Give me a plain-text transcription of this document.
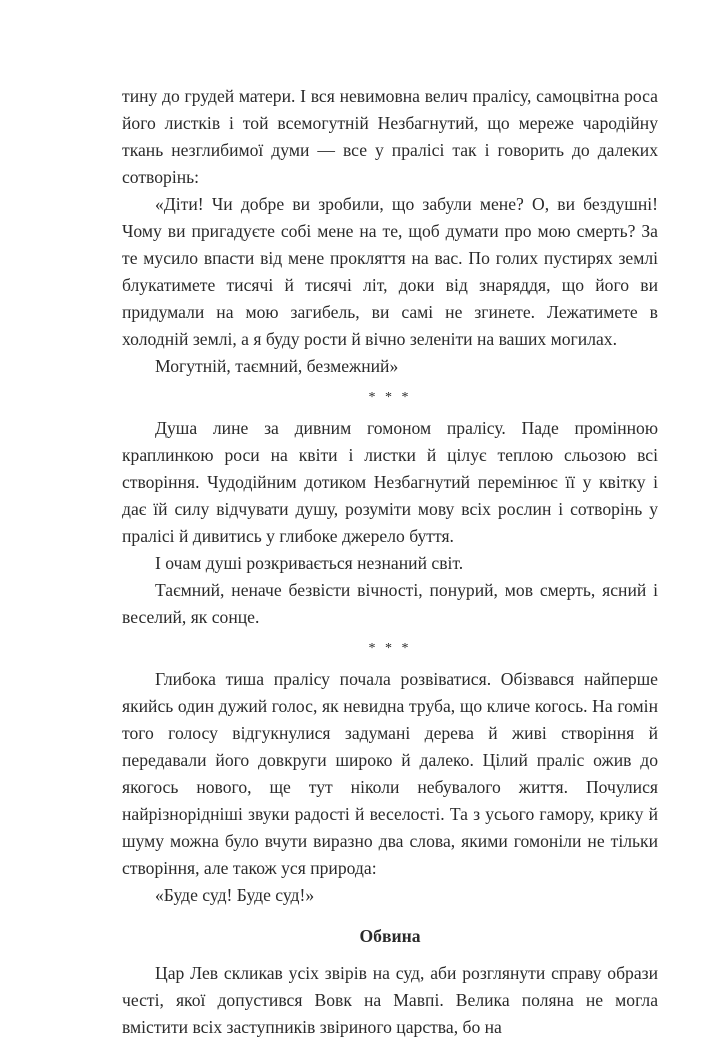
тину до грудей матери. І вся невимовна велич пралісу, самоцвітна роса його листків і той всемогутній Незбагнутий, що мереже чародійну ткань незглибимої думи — все у пралісі так і говорить до далеких сотворінь:

«Діти! Чи добре ви зробили, що забули мене? О, ви бездушні! Чому ви пригадуєте собі мене на те, щоб думати про мою смерть? За те мусило впасти від мене прокляття на вас. По голих пустирях землі блукатимете тисячі й тисячі літ, доки від знаряддя, що його ви придумали на мою загибель, ви самі не згинете. Лежатимете в холодній землі, а я буду рости й вічно зеленіти на ваших могилах.

Могутній, таємний, безмежний»

* * *

Душа лине за дивним гомоном пралісу. Паде проміннoю краплинкою роси на квіти і листки й цілує теплою сльозою всі створіння. Чудодійним дотиком Незбагнутий перемінює її у квітку і дає їй силу відчувати душу, розуміти мову всіх рослин і сотворінь у пралісі й дивитись у глибоке джерело буття.

І очам душі розкривається незнаний світ.

Таємний, неначе безвісти вічності, понурий, мов смерть, ясний і веселий, як сонце.

* * *

Глибока тиша пралісу почала розвіватися. Обізвався найперше якийсь один дужий голос, як невидна труба, що кличе когось. На гомін того голосу відгукнулися задумані дерева й живі створіння й передавали його довкруги широко й далеко. Цілий праліс ожив до якогось нового, ще тут ніколи небувалого життя. Почулися найрізнорідніші звуки радості й веселості. Та з усього гамору, крику й шуму можна було вчути виразно два слова, якими гомоніли не тільки створіння, але також уся природа:

«Буде суд! Буде суд!»

Обвина

Цар Лев скликав усіх звірів на суд, аби розглянути справу образи честі, якої допустився Вовк на Мавпі. Велика поляна не могла вмістити всіх заступників звіриного царства, бо на
